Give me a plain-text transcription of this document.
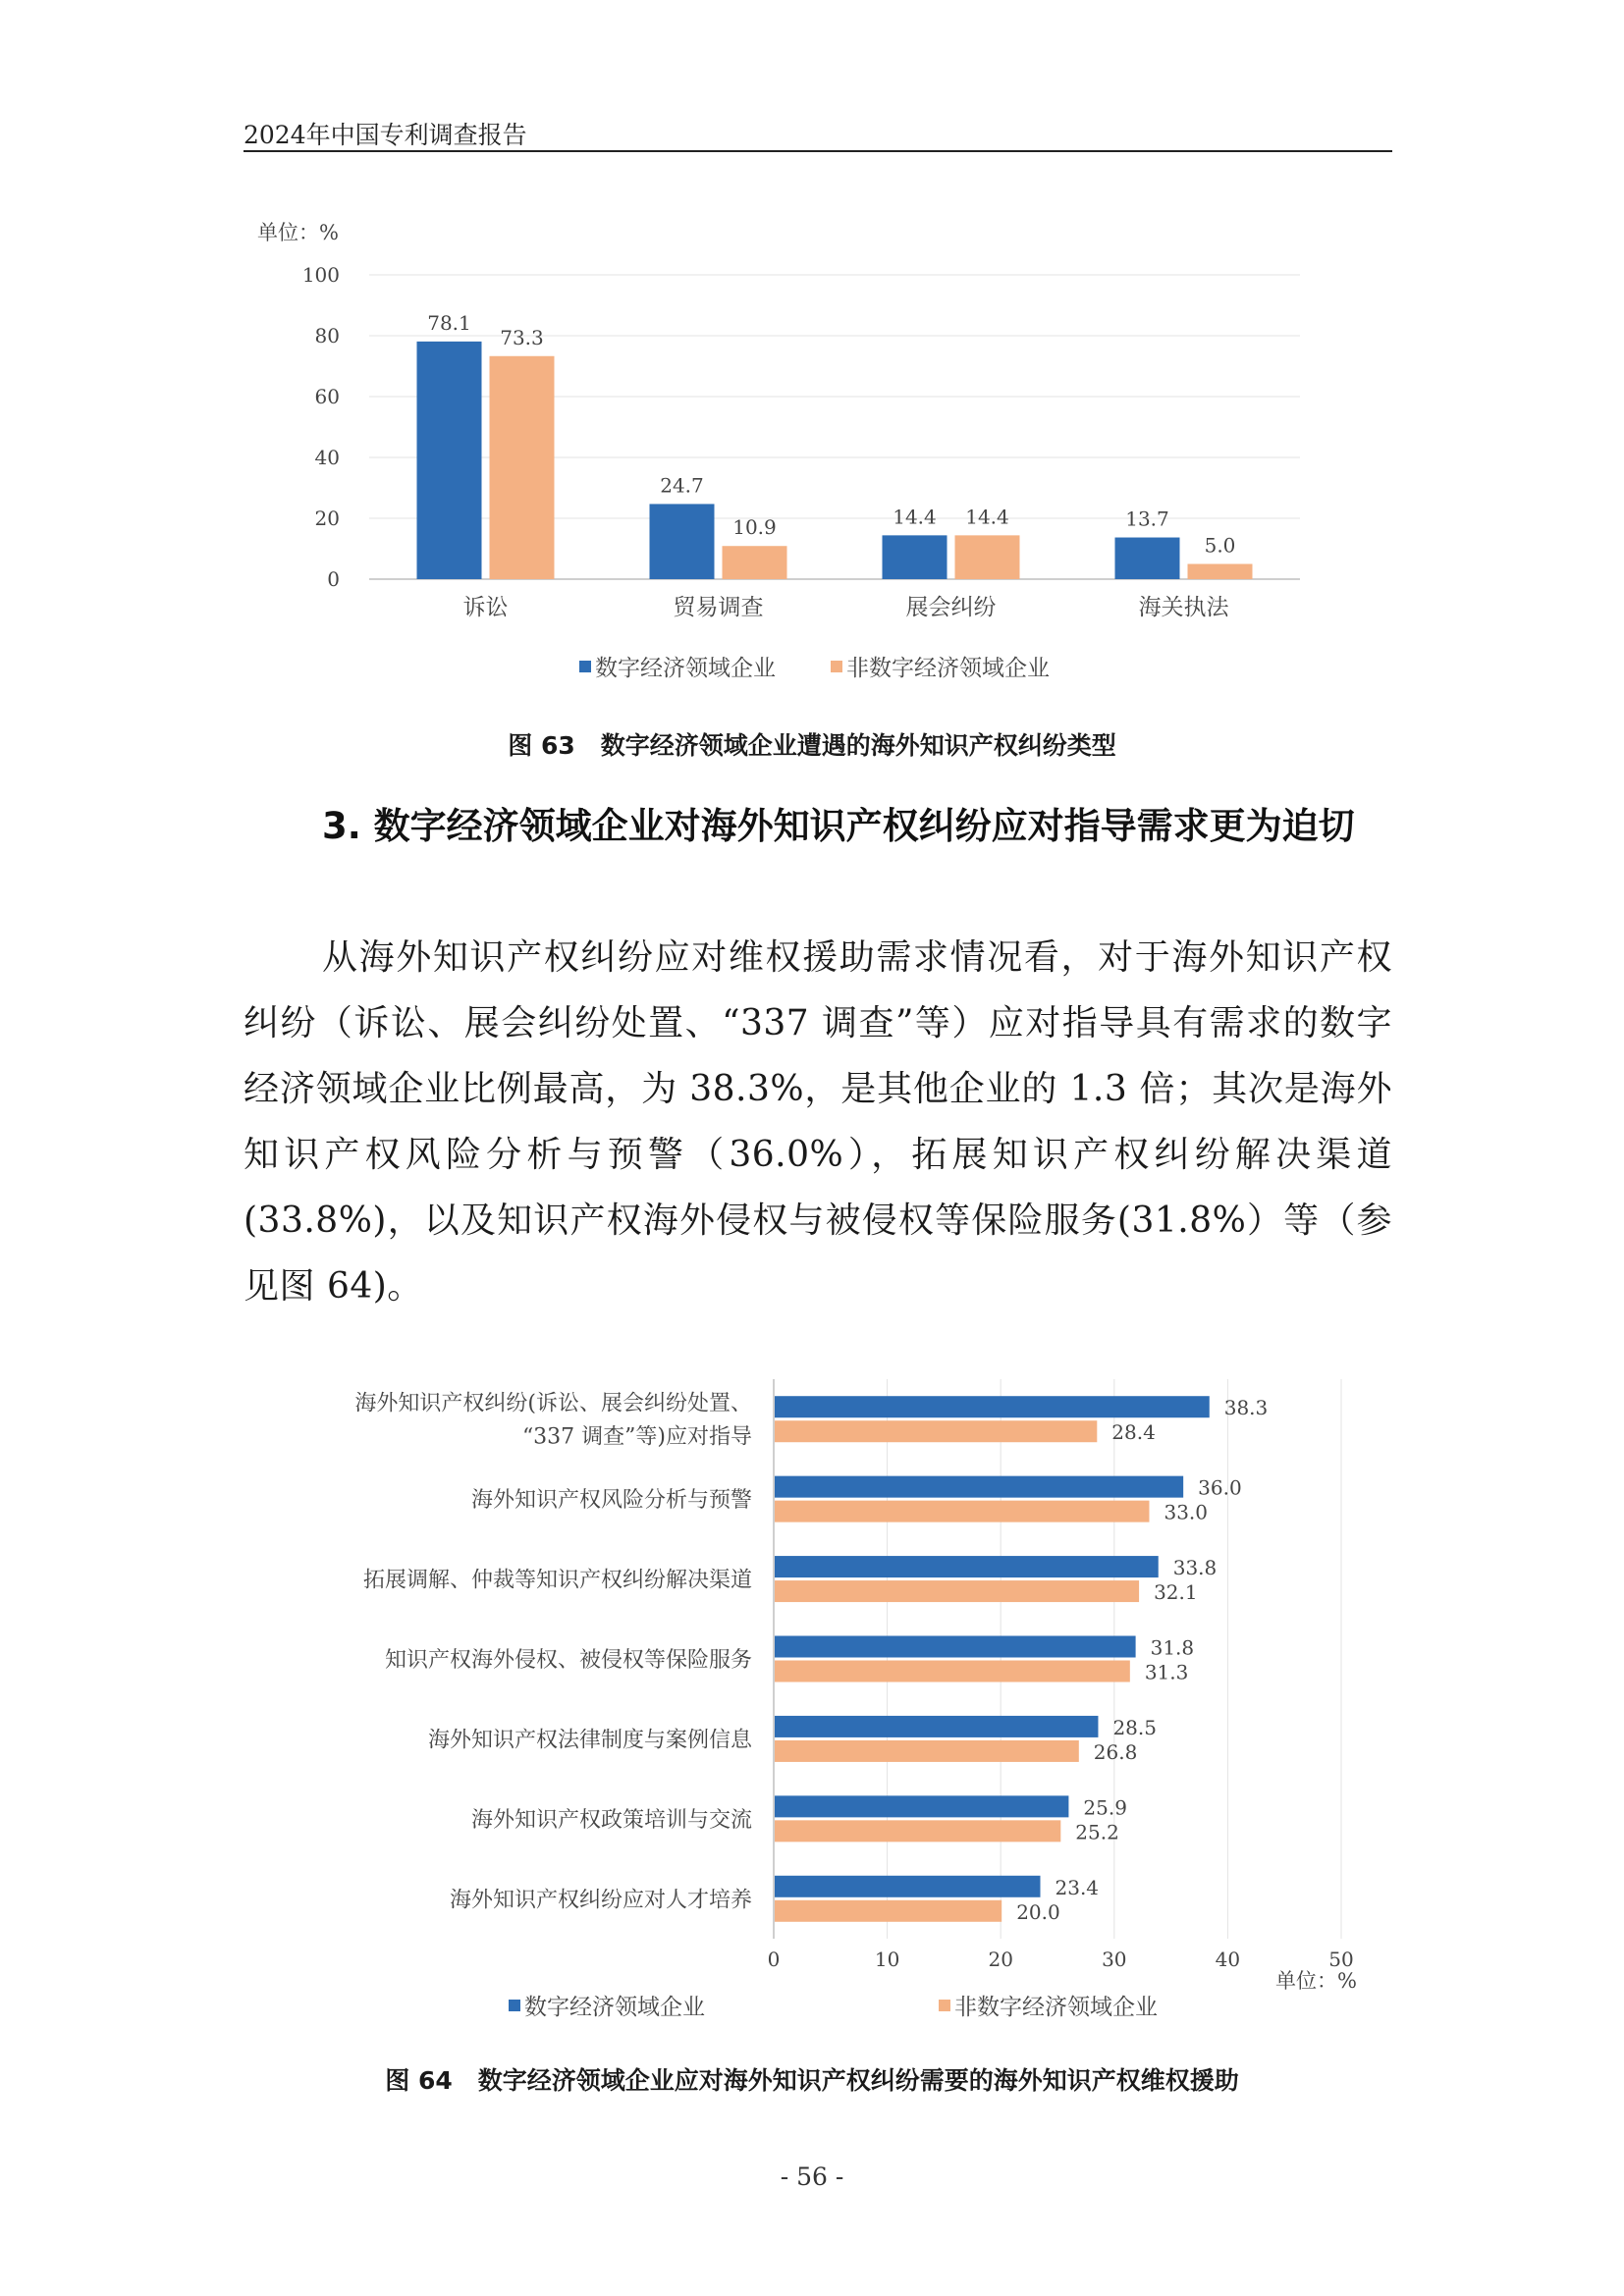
2024年中国专利调查报告
单位：%
0
20
40
60
80
100
78.1
73.3
诉讼
24.7
10.9
贸易调查
14.4 14.4
展会纠纷
13.7
5.0
海关执法
数字经济领域企业	非数字经济领域企业
图 63 数字经济领域企业遭遇的海外知识产权纠纷类型
3. 数字经济领域企业对海外知识产权纠纷应对指导需求更为迫切
从海外知识产权纠纷应对维权援助需求情况看，对于海外知识产权纠纷（诉讼、展会纠纷处置、“337 调查”等）应对指导具有需求的数字经济领域企业比例最高，为 38.3%，是其他企业的 1.3 倍；其次是海外知识产权风险分析与预警（36.0%），拓展知识产权纠纷解决渠道(33.8%)，以及知识产权海外侵权与被侵权等保险服务(31.8%）等（参见图 64)。
0	10	20	30	40	50
38.3
28.4
海外知识产权纠纷(诉讼、展会纠纷处置、
“337 调查”等)应对指导
36.0
33.0
海外知识产权风险分析与预警
33.8
32.1
拓展调解、仲裁等知识产权纠纷解决渠道
31.8
31.3
知识产权海外侵权、被侵权等保险服务
28.5
26.8
海外知识产权法律制度与案例信息
25.9
25.2
海外知识产权政策培训与交流
23.4
20.0
海外知识产权纠纷应对人才培养
单位：%
数字经济领域企业	非数字经济领域企业
图 64 数字经济领域企业应对海外知识产权纠纷需要的海外知识产权维权援助
- 56 -
